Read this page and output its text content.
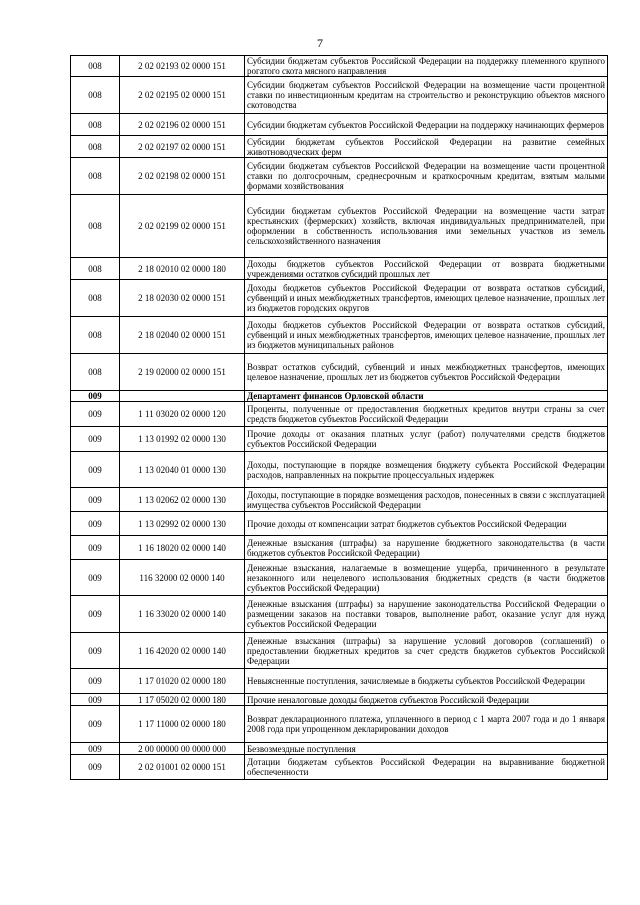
7
008	2 02 02193 02 0000 151	Субсидии бюджетам субъектов Российской Федерации на поддержку племенного крупного рогатого скота мясного направления
008	2 02 02195 02 0000 151	Субсидии бюджетам субъектов Российской Федерации на возмещение части процентной ставки по инвестиционным кредитам на строительство и реконструкцию объектов мясного скотоводства
008	2 02 02196 02 0000 151	Субсидии бюджетам субъектов Российской Федерации на поддержку начинающих фермеров
008	2 02 02197 02 0000 151	Субсидии бюджетам субъектов Российской Федерации на развитие семейных животноводческих ферм
008	2 02 02198 02 0000 151	Субсидии бюджетам субъектов Российской Федерации на возмещение части процентной ставки по долгосрочным, среднесрочным и краткосрочным кредитам, взятым малыми формами хозяйствования
008	2 02 02199 02 0000 151	Субсидии бюджетам субъектов Российской Федерации на возмещение части затрат крестьянских (фермерских) хозяйств, включая индивидуальных предпринимателей, при оформлении в собственность использования ими земельных участков из земель сельскохозяйственного назначения
008	2 18 02010 02 0000 180	Доходы бюджетов субъектов Российской Федерации от возврата бюджетными учреждениями остатков субсидий прошлых лет
008	2 18 02030 02 0000 151	Доходы бюджетов субъектов Российской Федерации от возврата остатков субсидий, субвенций и иных межбюджетных трансфертов, имеющих целевое назначение, прошлых лет из бюджетов городских округов
008	2 18 02040 02 0000 151	Доходы бюджетов субъектов Российской Федерации от возврата остатков субсидий, субвенций и иных межбюджетных трансфертов, имеющих целевое назначение, прошлых лет из бюджетов муниципальных районов
008	2 19 02000 02 0000 151	Возврат остатков субсидий, субвенций и иных межбюджетных трансфертов, имеющих целевое назначение, прошлых лет из бюджетов субъектов Российской Федерации
009		Департамент финансов Орловской области
009	1 11 03020 02 0000 120	Проценты, полученные от предоставления бюджетных кредитов внутри страны за счет средств бюджетов субъектов Российской Федерации
009	1 13 01992 02 0000 130	Прочие доходы от оказания платных услуг (работ) получателями средств бюджетов субъектов Российской Федерации
009	1 13 02040 01 0000 130	Доходы, поступающие в порядке возмещения бюджету субъекта Российской Федерации расходов, направленных на покрытие процессуальных издержек
009	1 13 02062 02 0000 130	Доходы, поступающие в порядке возмещения расходов, понесенных в связи с эксплуатацией имущества субъектов Российской Федерации
009	1 13 02992 02 0000 130	Прочие доходы от компенсации затрат бюджетов субъектов Российской Федерации
009	1 16 18020 02 0000 140	Денежные взыскания (штрафы) за нарушение бюджетного законодательства (в части бюджетов субъектов Российской Федерации)
009	116 32000 02 0000 140	Денежные взыскания, налагаемые в возмещение ущерба, причиненного в результате незаконного или нецелевого использования бюджетных средств (в части бюджетов субъектов Российской Федерации)
009	1 16 33020 02 0000 140	Денежные взыскания (штрафы) за нарушение законодательства Российской Федерации о размещении заказов на поставки товаров, выполнение работ, оказание услуг для нужд субъектов Российской Федерации
009	1 16 42020 02 0000 140	Денежные взыскания (штрафы) за нарушение условий договоров (соглашений) о предоставлении бюджетных кредитов за счет средств бюджетов субъектов Российской Федерации
009	1 17 01020 02 0000 180	Невыясненные поступления, зачисляемые в бюджеты субъектов Российской Федерации
009	1 17 05020 02 0000 180	Прочие неналоговые доходы бюджетов субъектов Российской Федерации
009	1 17 11000 02 0000 180	Возврат декларационного платежа, уплаченного в период с 1 марта 2007 года и до 1 января 2008 года при упрощенном декларировании доходов
009	2 00 00000 00 0000 000	Безвозмездные поступления
009	2 02 01001 02 0000 151	Дотации бюджетам субъектов Российской Федерации на выравнивание бюджетной обеспеченности
